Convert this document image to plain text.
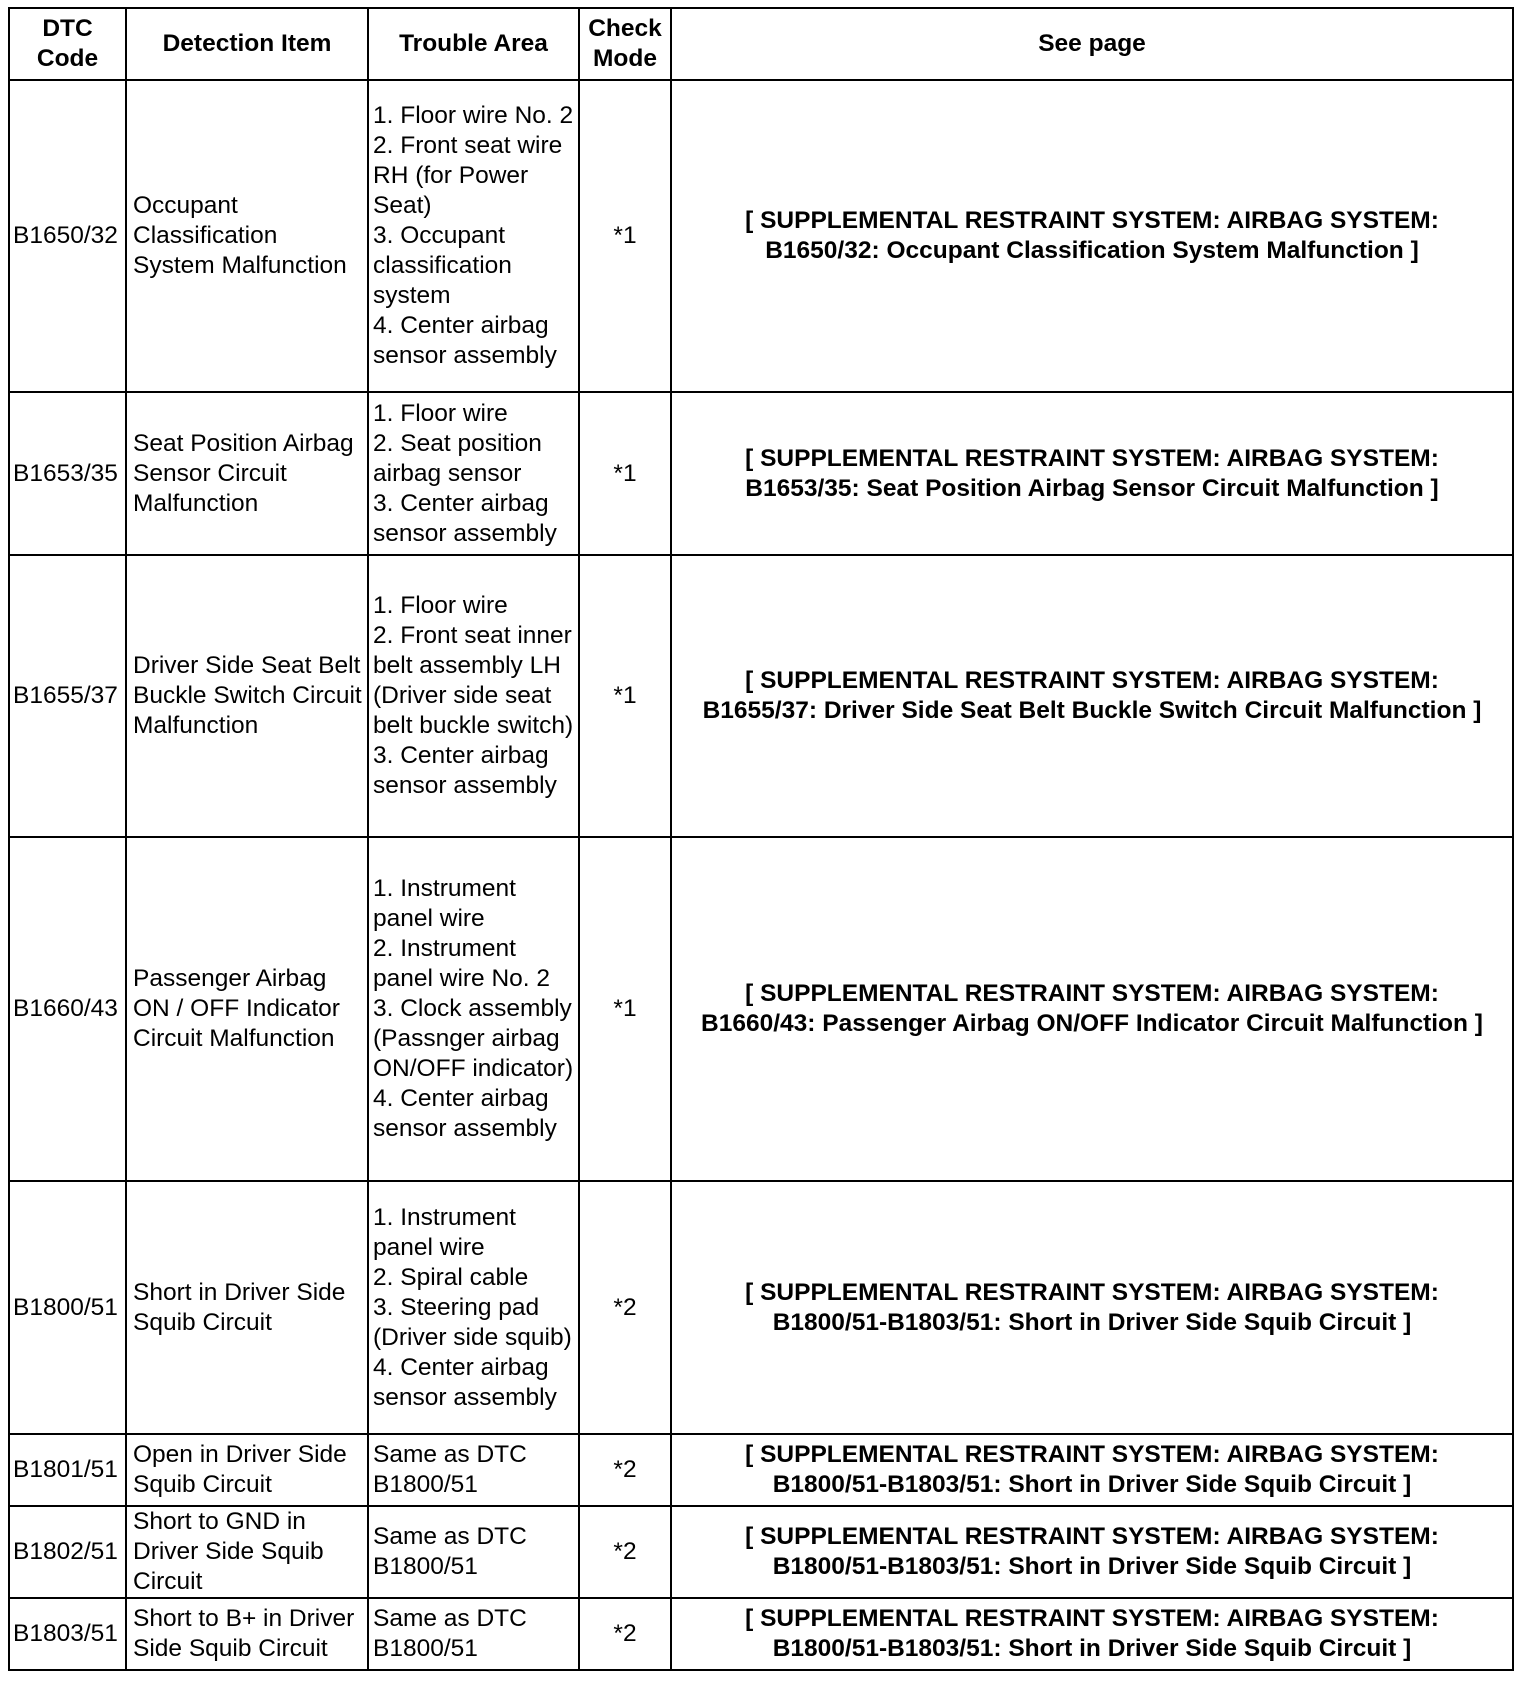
DTC Code	Detection Item	Trouble Area	Check Mode	See page
B1650/32	Occupant Classification System Malfunction	1. Floor wire No. 2
2. Front seat wire RH (for Power Seat)
3. Occupant classification system
4. Center airbag sensor assembly	*1	[ SUPPLEMENTAL RESTRAINT SYSTEM: AIRBAG SYSTEM:
B1650/32: Occupant Classification System Malfunction ]

B1653/35	Seat Position Airbag Sensor Circuit Malfunction	1. Floor wire
2. Seat position airbag sensor
3. Center airbag sensor assembly	*1	[ SUPPLEMENTAL RESTRAINT SYSTEM: AIRBAG SYSTEM:
B1653/35: Seat Position Airbag Sensor Circuit Malfunction ]

B1655/37	Driver Side Seat Belt Buckle Switch Circuit Malfunction	1. Floor wire
2. Front seat inner belt assembly LH (Driver side seat belt buckle switch)
3. Center airbag sensor assembly	*1	[ SUPPLEMENTAL RESTRAINT SYSTEM: AIRBAG SYSTEM:
B1655/37: Driver Side Seat Belt Buckle Switch Circuit Malfunction ]

B1660/43	Passenger Airbag ON / OFF Indicator Circuit Malfunction	1. Instrument panel wire
2. Instrument panel wire No. 2
3. Clock assembly (Passnger airbag ON/OFF indicator)
4. Center airbag sensor assembly	*1	[ SUPPLEMENTAL RESTRAINT SYSTEM: AIRBAG SYSTEM:
B1660/43: Passenger Airbag ON/OFF Indicator Circuit Malfunction ]

B1800/51	Short in Driver Side Squib Circuit	1. Instrument panel wire
2. Spiral cable
3. Steering pad (Driver side squib)
4. Center airbag sensor assembly	*2	[ SUPPLEMENTAL RESTRAINT SYSTEM: AIRBAG SYSTEM:
B1800/51-B1803/51: Short in Driver Side Squib Circuit ]

B1801/51	Open in Driver Side Squib Circuit	Same as DTC B1800/51	*2	[ SUPPLEMENTAL RESTRAINT SYSTEM: AIRBAG SYSTEM:
B1800/51-B1803/51: Short in Driver Side Squib Circuit ]

B1802/51	Short to GND in Driver Side Squib Circuit	Same as DTC B1800/51	*2	[ SUPPLEMENTAL RESTRAINT SYSTEM: AIRBAG SYSTEM:
B1800/51-B1803/51: Short in Driver Side Squib Circuit ]

B1803/51	Short to B+ in Driver Side Squib Circuit	Same as DTC B1800/51	*2	[ SUPPLEMENTAL RESTRAINT SYSTEM: AIRBAG SYSTEM:
B1800/51-B1803/51: Short in Driver Side Squib Circuit ]
